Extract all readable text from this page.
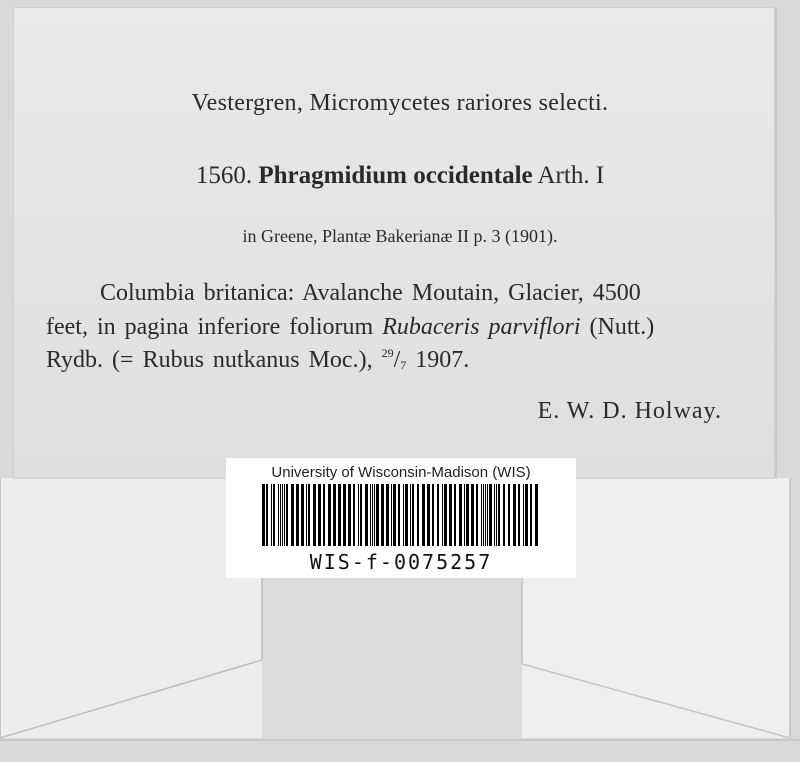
Vestergren, Micromycetes rariores selecti.
1560. Phragmidium occidentale Arth. I
in Greene, Plantæ Bakerianæ II p. 3 (1901).
Columbia britanica: Avalanche Moutain, Glacier, 4500
feet, in pagina inferiore foliorum Rubaceris parviflori (Nutt.)
Rydb. (= Rubus nutkanus Moc.), $^{29}/_7$ 1907.
E. W. D. Holway.
University of Wisconsin-Madison (WIS)
WIS-f-0075257
